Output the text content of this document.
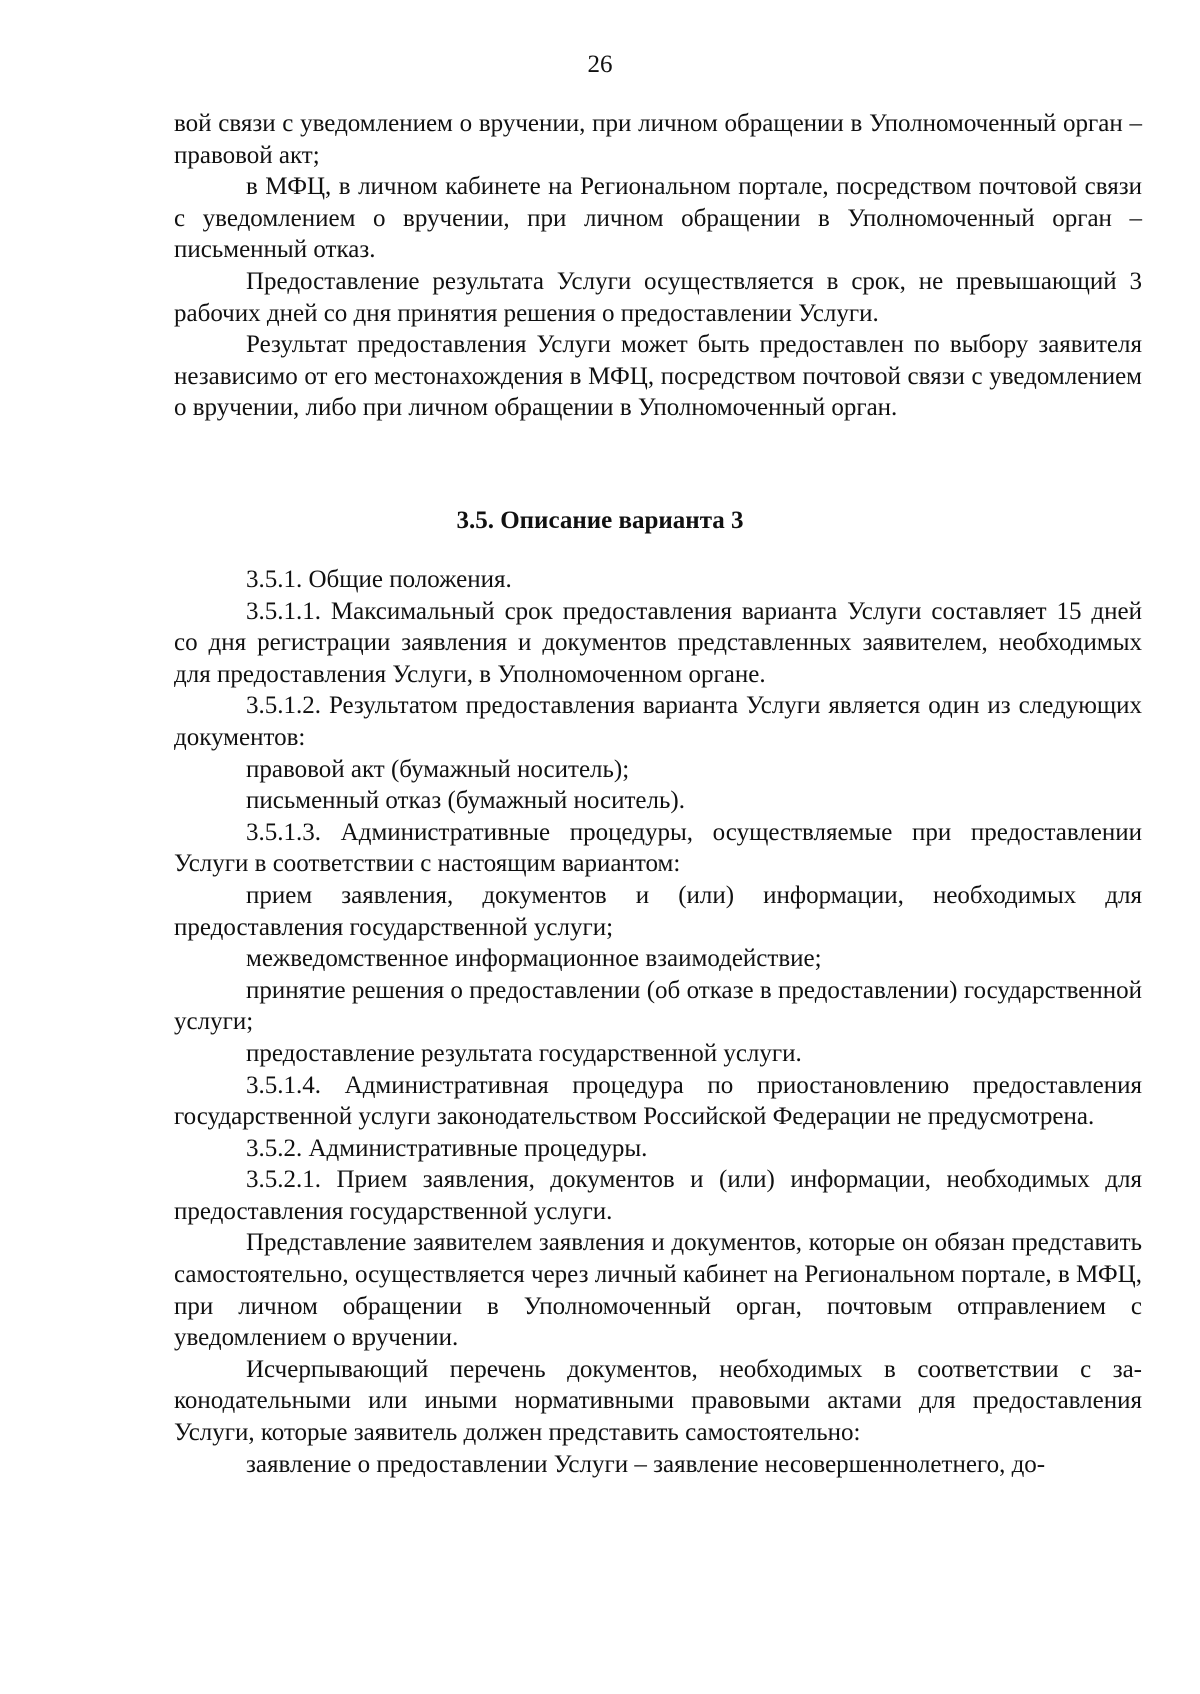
26

вой связи с уведомлением о вручении, при личном обращении в Уполномоченный орган – правовой акт;

в МФЦ, в личном кабинете на Региональном портале, посредством почтовой связи с уведомлением о вручении, при личном обращении в Уполномоченный орган – письменный отказ.

Предоставление результата Услуги осуществляется в срок, не превышающий 3 рабочих дней со дня принятия решения о предоставлении Услуги.

Результат предоставления Услуги может быть предоставлен по выбору заявителя независимо от его местонахождения в МФЦ, посредством почтовой связи с уведомлением о вручении, либо при личном обращении в Уполномоченный орган.

3.5. Описание варианта 3

3.5.1. Общие положения.

3.5.1.1. Максимальный срок предоставления варианта Услуги составляет 15 дней со дня регистрации заявления и документов представленных заявителем, необходимых для предоставления Услуги, в Уполномоченном органе.

3.5.1.2. Результатом предоставления варианта Услуги является один из следующих документов:

правовой акт (бумажный носитель);

письменный отказ (бумажный носитель).

3.5.1.3. Административные процедуры, осуществляемые при предоставлении Услуги в соответствии с настоящим вариантом:

прием заявления, документов и (или) информации, необходимых для предоставления государственной услуги;

межведомственное информационное взаимодействие;

принятие решения о предоставлении (об отказе в предоставлении) государственной услуги;

предоставление результата государственной услуги.

3.5.1.4. Административная процедура по приостановлению предоставления государственной услуги законодательством Российской Федерации не предусмотрена.

3.5.2. Административные процедуры.

3.5.2.1. Прием заявления, документов и (или) информации, необходимых для предоставления государственной услуги.

Представление заявителем заявления и документов, которые он обязан представить самостоятельно, осуществляется через личный кабинет на Региональном портале, в МФЦ, при личном обращении в Уполномоченный орган, почтовым отправлением с уведомлением о вручении.

Исчерпывающий перечень документов, необходимых в соответствии с законодательными или иными нормативными правовыми актами для предоставления Услуги, которые заявитель должен представить самостоятельно:

заявление о предоставлении Услуги – заявление несовершеннолетнего, до-
